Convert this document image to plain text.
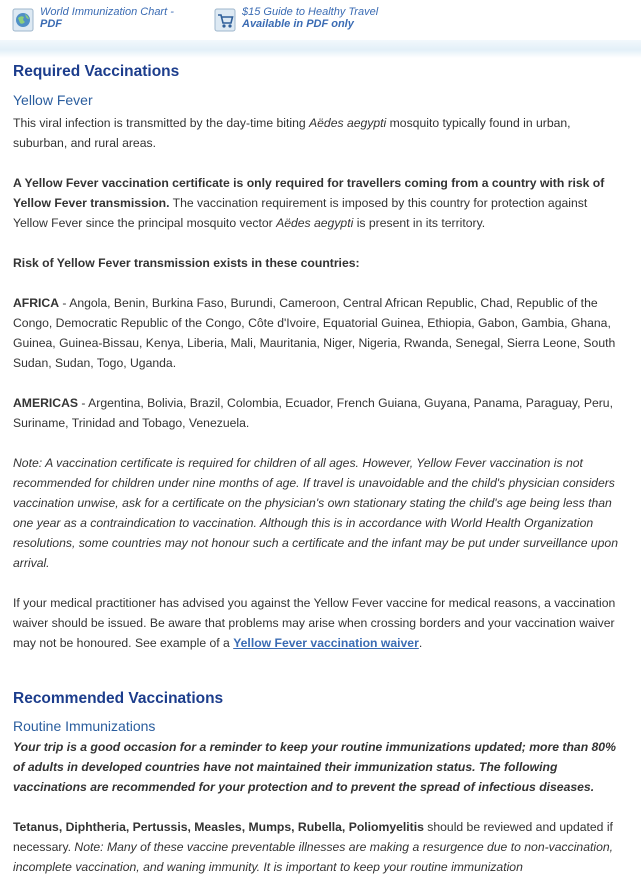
World Immunization Chart -
PDF
$15 Guide to Healthy Travel
Available in PDF only
Required Vaccinations
Yellow Fever

This viral infection is transmitted by the day-time biting Aëdes aegypti mosquito typically found in urban, suburban, and rural areas.

A Yellow Fever vaccination certificate is only required for travellers coming from a country with risk of Yellow Fever transmission. The vaccination requirement is imposed by this country for protection against Yellow Fever since the principal mosquito vector Aëdes aegypti is present in its territory.

Risk of Yellow Fever transmission exists in these countries:

AFRICA - Angola, Benin, Burkina Faso, Burundi, Cameroon, Central African Republic, Chad, Republic of the Congo, Democratic Republic of the Congo, Côte d'Ivoire, Equatorial Guinea, Ethiopia, Gabon, Gambia, Ghana, Guinea, Guinea-Bissau, Kenya, Liberia, Mali, Mauritania, Niger, Nigeria, Rwanda, Senegal, Sierra Leone, South Sudan, Sudan, Togo, Uganda.

AMERICAS - Argentina, Bolivia, Brazil, Colombia, Ecuador, French Guiana, Guyana, Panama, Paraguay, Peru, Suriname, Trinidad and Tobago, Venezuela.

Note: A vaccination certificate is required for children of all ages. However, Yellow Fever vaccination is not recommended for children under nine months of age. If travel is unavoidable and the child's physician considers vaccination unwise, ask for a certificate on the physician's own stationary stating the child's age being less than one year as a contraindication to vaccination. Although this is in accordance with World Health Organization resolutions, some countries may not honour such a certificate and the infant may be put under surveillance upon arrival.

If your medical practitioner has advised you against the Yellow Fever vaccine for medical reasons, a vaccination waiver should be issued. Be aware that problems may arise when crossing borders and your vaccination waiver may not be honoured. See example of a Yellow Fever vaccination waiver.

Recommended Vaccinations
Routine Immunizations

Your trip is a good occasion for a reminder to keep your routine immunizations updated; more than 80% of adults in developed countries have not maintained their immunization status. The following vaccinations are recommended for your protection and to prevent the spread of infectious diseases.

Tetanus, Diphtheria, Pertussis, Measles, Mumps, Rubella, Poliomyelitis should be reviewed and updated if necessary. Note: Many of these vaccine preventable illnesses are making a resurgence due to non-vaccination, incomplete vaccination, and waning immunity. It is important to keep your routine immunization
